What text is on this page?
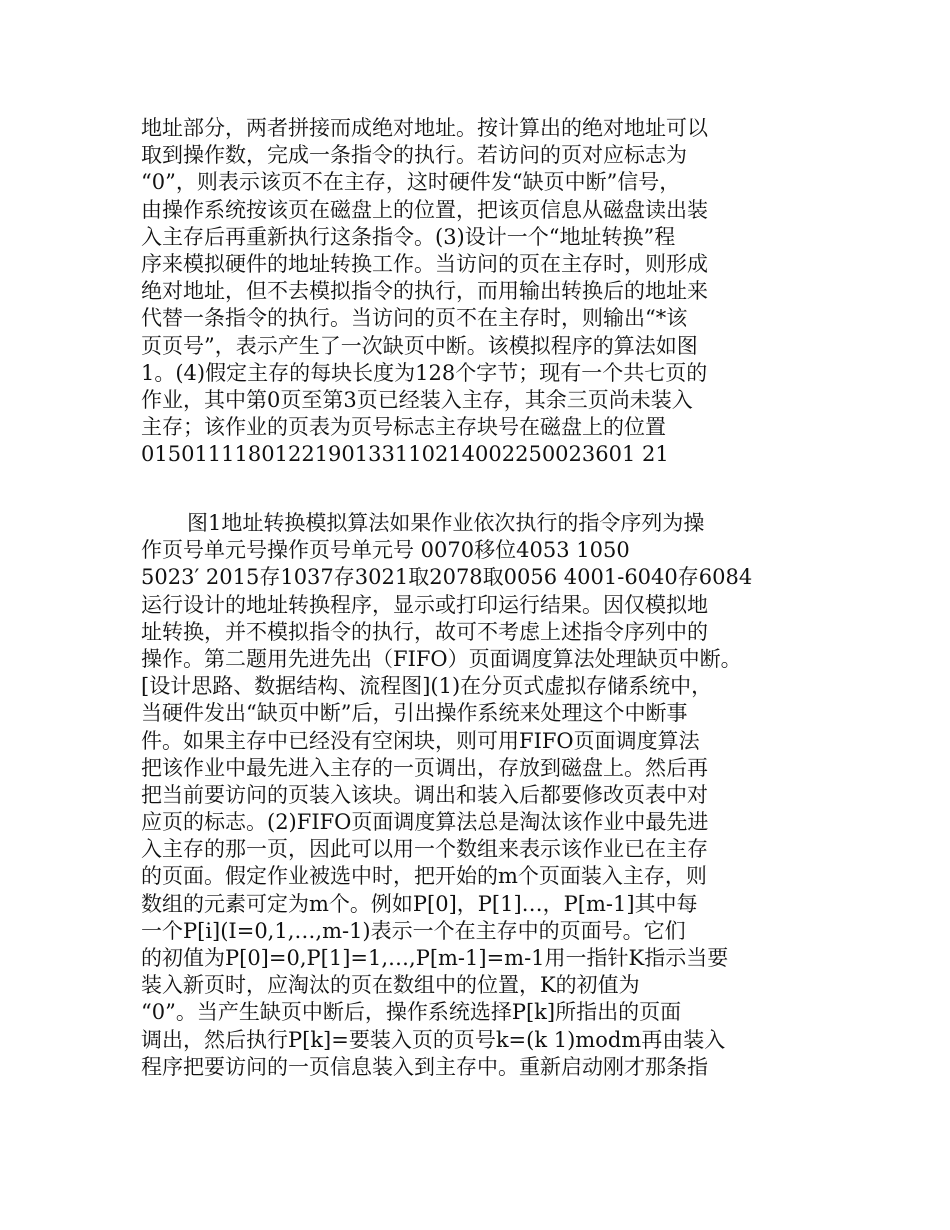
地址部分，两者拼接而成绝对地址。按计算出的绝对地址可以
取到操作数，完成一条指令的执行。若访问的页对应标志为
“0”，则表示该页不在主存，这时硬件发“缺页中断”信号，
由操作系统按该页在磁盘上的位置，把该页信息从磁盘读出装
入主存后再重新执行这条指令。(3)设计一个“地址转换”程
序来模拟硬件的地址转换工作。当访问的页在主存时，则形成
绝对地址，但不去模拟指令的执行，而用输出转换后的地址来
代替一条指令的执行。当访问的页不在主存时，则输出“*该
页页号”，表示产生了一次缺页中断。该模拟程序的算法如图
1。(4)假定主存的每块长度为128个字节；现有一个共七页的
作业，其中第0页至第3页已经装入主存，其余三页尚未装入
主存；该作业的页表为页号标志主存块号在磁盘上的位置
0150111180122190133110214002250023601 21
图1地址转换模拟算法如果作业依次执行的指令序列为操
作页号单元号操作页号单元号 0070移位4053 1050
5023′ 2015存1037存3021取2078取0056 4001-6040存6084
运行设计的地址转换程序，显示或打印运行结果。因仅模拟地
址转换，并不模拟指令的执行，故可不考虑上述指令序列中的
操作。第二题用先进先出（FIFO）页面调度算法处理缺页中断。
[设计思路、数据结构、流程图](1)在分页式虚拟存储系统中，
当硬件发出“缺页中断”后，引出操作系统来处理这个中断事
件。如果主存中已经没有空闲块，则可用FIFO页面调度算法
把该作业中最先进入主存的一页调出，存放到磁盘上。然后再
把当前要访问的页装入该块。调出和装入后都要修改页表中对
应页的标志。(2)FIFO页面调度算法总是淘汰该作业中最先进
入主存的那一页，因此可以用一个数组来表示该作业已在主存
的页面。假定作业被选中时，把开始的m个页面装入主存，则
数组的元素可定为m个。例如P[0]，P[1]…，P[m-1]其中每
一个P[i](I=0,1,…,m-1)表示一个在主存中的页面号。它们
的初值为P[0]=0,P[1]=1,…,P[m-1]=m-1用一指针K指示当要
装入新页时，应淘汰的页在数组中的位置，K的初值为
“0”。当产生缺页中断后，操作系统选择P[k]所指出的页面
调出，然后执行P[k]=要装入页的页号k=(k 1)modm再由装入
程序把要访问的一页信息装入到主存中。重新启动刚才那条指
